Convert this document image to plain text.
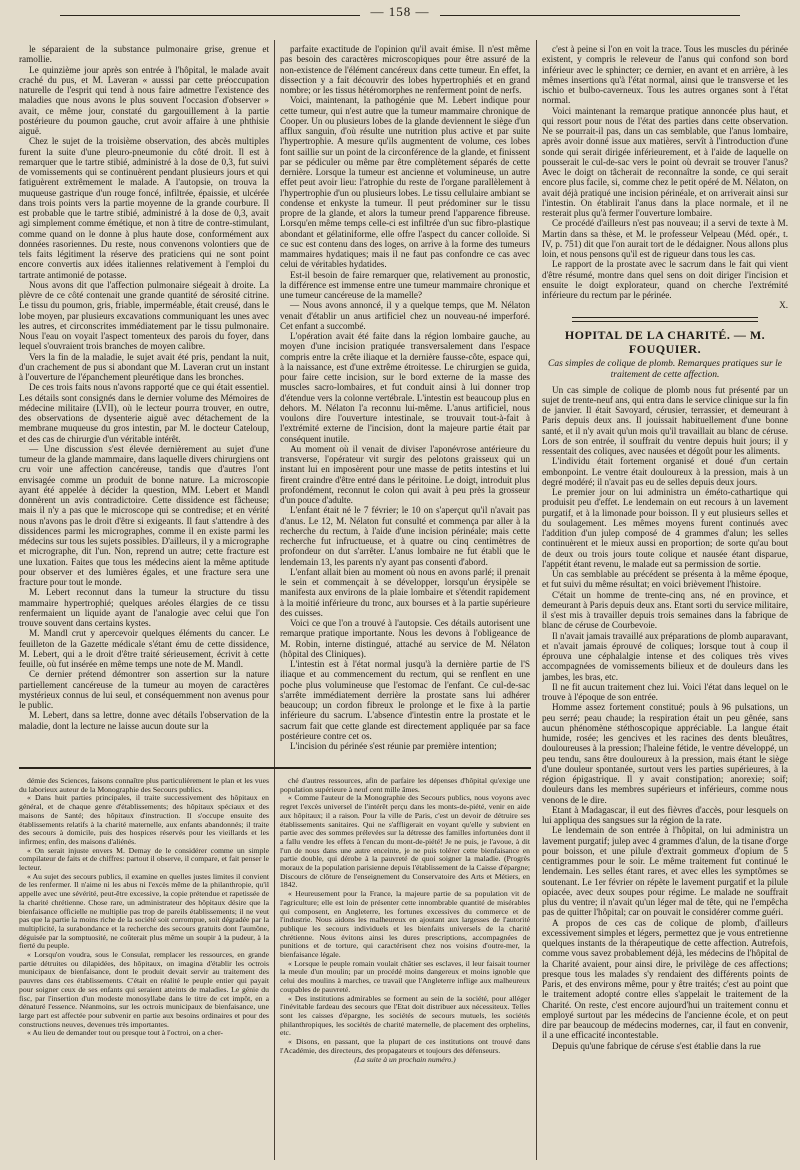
— 158 —

le séparaient de la substance pulmonaire grise, grenue et ramollie.

Le quinzième jour après son entrée à l'hôpital, le malade avait craché du pus, et M. Laveran « ausssi par cette préoccupation naturelle de l'esprit qui tend à nous faire admettre l'existence des maladies que nous avons le plus souvent l'occasion d'observer » avait, ce même jour, constaté du gargouillement à la partie postérieure du poumon gauche, crut avoir affaire à une phthisie aiguë.

Chez le sujet de la troisième observation, des abcès multiples furent la suite d'une pleuro-pneumonie du côté droit. Il est à remarquer que le tartre stibié, administré à la dose de 0,3, fut suivi de vomissements qui se continuèrent pendant plusieurs jours et qui fatiguèrent extrêmement le malade. A l'autopsie, on trouva la muqueuse gastrique d'un rouge foncé, infiltrée, épaissie, et ulcérée dans trois points vers la partie moyenne de la grande courbure. Il est probable que le tartre stibié, administré à la dose de 0,3, avait agi simplement comme émétique, et non à titre de contre-stimulant, comme quand on le donne à plus haute dose, conformément aux données rasoriennes. Du reste, nous convenons volontiers que de tels faits légitiment la réserve des praticiens qui ne sont point encore convertis aux idées italiennes relativement à l'emploi du tartrate antimonié de potasse.

Nous avons dit que l'affection pulmonaire siégeait à droite. La plèvre de ce côté contenait une grande quantité de sérosité citrine. Le tissu du poumon, gris, friable, imperméable, était creusé, dans le lobe moyen, par plusieurs excavations communiquant les unes avec les autres, et circonscrites immédiatement par le tissu pulmonaire. Nous l'eau on voyait l'aspect tomenteux des parois du foyer, dans lequel s'ouvraient trois branches de moyen calibre.

Vers la fin de la maladie, le sujet avait été pris, pendant la nuit, d'un crachement de pus si abondant que M. Laveran crut un instant à l'ouverture de l'épanchement pleurétique dans les bronches.

De ces trois faits nous n'avons rapporté que ce qui était essentiel. Les détails sont consignés dans le dernier volume des Mémoires de médecine militaire (LVII), où le lecteur pourra trouver, en outre, des observations de dysenterie aiguë avec détachement de la membrane muqueuse du gros intestin, par M. le docteur Cateloup, et des cas de chirurgie d'un véritable intérêt.

— Une discussion s'est élevée dernièrement au sujet d'une tumeur de la glande mammaire, dans laquelle divers chirurgiens ont cru voir une affection cancéreuse, tandis que d'autres l'ont envisagée comme un produit de bonne nature. La microscopie ayant été appelée à décider la question, MM. Lebert et Mandl donnèrent un avis contradictoire. Cette dissidence est fâcheuse; mais il n'y a pas que le microscope qui se contredise; et en vérité nous n'avons pas le droit d'être si exigeants. Il faut s'attendre à des dissidences parmi les micrographes, comme il en existe parmi les médecins sur tous les sujets possibles. D'ailleurs, il y a micrographe et micrographe, dit l'un. Non, reprend un autre; cette fracture est une luxation. Faites que tous les médecins aient la même aptitude pour observer et des lumières égales, et une fracture sera une fracture pour tout le monde.

M. Lebert reconnut dans la tumeur la structure du tissu mammaire hypertrophié; quelques aréoles élargies de ce tissu renfermaient un liquide ayant de l'analogie avec celui que l'on trouve souvent dans certains kystes.

M. Mandl crut y apercevoir quelques éléments du cancer. Le feuilleton de la Gazette médicale s'étant ému de cette dissidence, M. Lebert, qui a le droit d'être traité sérieusement, écrivit à cette feuille, où fut insérée en même temps une note de M. Mandl.

Ce dernier prétend démontrer son assertion sur la nature partiellement cancéreuse de la tumeur au moyen de caractères mystérieux connus de lui seul, et conséquemment non avenus pour le public.

M. Lebert, dans sa lettre, donne avec détails l'observation de la maladie, dont la lecture ne laisse aucun doute sur la

parfaite exactitude de l'opinion qu'il avait émise. Il n'est même pas besoin des caractères microscopiques pour être assuré de la non-existence de l'élément cancéreux dans cette tumeur. En effet, la dissection y a fait découvrir des lobes hypertrophiés et en grand nombre; or les tissus hétéromorphes ne renferment point de nerfs.

Voici, maintenant, la pathogénie que M. Lebert indique pour cette tumeur, qui n'est autre que la tumeur mammaire chronique de Cooper. Un ou plusieurs lobes de la glande deviennent le siège d'un afflux sanguin, d'où résulte une nutrition plus active et par suite l'hypertrophie. A mesure qu'ils augmentent de volume, ces lobes font saillie sur un point de la circonférence de la glande, et finissent par se pédiculer ou même par être complètement séparés de cette dernière. Lorsque la tumeur est ancienne et volumineuse, un autre effet peut avoir lieu: l'atrophie du reste de l'organe parallèlement à l'hypertrophie d'un ou plusieurs lobes. Le tissu cellulaire ambiant se condense et enkyste la tumeur. Il peut prédominer sur le tissu propre de la glande, et alors la tumeur prend l'apparence fibreuse. Lorsqu'en même temps celle-ci est infiltrée d'un suc fibro-plastique abondant et gélatiniforme, elle offre l'aspect du cancer colloïde. Si ce suc est contenu dans des loges, on arrive à la forme des tumeurs mammaires hydatiques; mais il ne faut pas confondre ce cas avec celui de véritables hydatides.

Est-il besoin de faire remarquer que, relativement au pronostic, la différence est immense entre une tumeur mammaire chronique et une tumeur cancéreuse de la mamelle?

— Nous avons annoncé, il y a quelque temps, que M. Nélaton venait d'établir un anus artificiel chez un nouveau-né imperforé. Cet enfant a succombé.

L'opération avait été faite dans la région lombaire gauche, au moyen d'une incision pratiquée transversalement dans l'espace compris entre la crête iliaque et la dernière fausse-côte, espace qui, à la naissance, est d'une extrême étroitesse. Le chirurgien se guida, pour faire cette incision, sur le bord externe de la masse des muscles sacro-lombaires, et fut conduit ainsi à lui donner trop d'étendue vers la colonne vertébrale. L'intestin est beaucoup plus en dehors. M. Nélaton l'a reconnu lui-même. L'anus artificiel, nous voulons dire l'ouverture intestinale, se trouvait tout-à-fait à l'extrémité externe de l'incision, dont la majeure partie était par conséquent inutile.

Au moment où il venait de diviser l'aponévrose antérieure du transverse, l'opérateur vit surgir des pelotons graisseux qui un instant lui en imposèrent pour une masse de petits intestins et lui firent craindre d'être entré dans le péritoine. Le doigt, introduit plus profondément, reconnut le colon qui avait à peu près la grosseur d'un pouce d'adulte.

L'enfant était né le 7 février; le 10 on s'aperçut qu'il n'avait pas d'anus. Le 12, M. Nélaton fut consulté et commença par aller à la recherche du rectum, à l'aide d'une incision périnéale; mais cette recherche fut infructueuse, et à quatre ou cinq centimètres de profondeur on dut s'arrêter. L'anus lombaire ne fut établi que le lendemain 13, les parents n'y ayant pas consenti d'abord.

L'enfant allait bien au moment où nous en avons parlé; il prenait le sein et commençait à se développer, lorsqu'un érysipèle se manifesta aux environs de la plaie lombaire et s'étendit rapidement à la moitié inférieure du tronc, aux bourses et à la partie supérieure des cuisses.

Voici ce que l'on a trouvé à l'autopsie. Ces détails autorisent une remarque pratique importante. Nous les devons à l'obligeance de M. Robin, interne distingué, attaché au service de M. Nélaton (hôpital des Cliniques).

L'intestin est à l'état normal jusqu'à la dernière partie de l'S iliaque et au commencement du rectum, qui se renflent en une poche plus volumineuse que l'estomac de l'enfant. Ce cul-de-sac s'arrête immédiatement derrière la prostate sans lui adhérer beaucoup; un cordon fibreux le prolonge et le fixe à la partie inférieure du sacrum. L'absence d'intestin entre la prostate et le sacrum fait que cette glande est directement appliquée par sa face postérieure contre cet os.

L'incision du périnée s'est réunie par première intention;

c'est à peine si l'on en voit la trace. Tous les muscles du périnée existent, y compris le releveur de l'anus qui confond son bord inférieur avec le sphincter; ce dernier, en avant et en arrière, à les mêmes insertions qu'à l'état normal, ainsi que le transverse et les ischio et bulbo-caverneux. Tous les autres organes sont à l'état normal.

Voici maintenant la remarque pratique annoncée plus haut, et qui ressort pour nous de l'état des parties dans cette observation. Ne se pourrait-il pas, dans un cas semblable, que l'anus lombaire, après avoir donné issue aux matières, servît à l'introduction d'une sonde qui serait dirigée inférieurement, et à l'aide de laquelle on pousserait le cul-de-sac vers le point où devrait se trouver l'anus? Avec le doigt on tâcherait de reconnaître la sonde, ce qui serait encore plus facile, si, comme chez le petit opéré de M. Nélaton, on avait déjà pratiqué une incision périnéale, et on arriverait ainsi sur l'intestin. On établirait l'anus dans la place normale, et il ne resterait plus qu'à fermer l'ouverture lombaire.

Ce procédé d'ailleurs n'est pas nouveau; il a servi de texte à M. Martin dans sa thèse, et M. le professeur Velpeau (Méd. opér., t. IV, p. 751) dit que l'on aurait tort de le dédaigner. Nous allons plus loin, et nous pensons qu'il est de rigueur dans tous les cas.

Le rapport de la prostate avec le sacrum dans le fait qui vient d'être résumé, montre dans quel sens on doit diriger l'incision et ensuite le doigt explorateur, quand on cherche l'extrémité inférieure du rectum par le périnée.

X.

HOPITAL DE LA CHARITÉ. — M. FOUQUIER.
Cas simples de colique de plomb. Remarques pratiques sur le traitement de cette affection.

Un cas simple de colique de plomb nous fut présenté par un sujet de trente-neuf ans, qui entra dans le service clinique sur la fin de janvier. Il était Savoyard, cérusier, terrassier, et demeurant à Paris depuis deux ans. Il jouissait habituellement d'une bonne santé, et il n'y avait qu'un mois qu'il travaillait au blanc de céruse. Lors de son entrée, il souffrait du ventre depuis huit jours; il y ressentait des coliques, avec nausées et dégoût pour les aliments.

L'individu était fortement organisé et doué d'un certain embonpoint. Le ventre était douloureux à la pression, mais à un degré modéré; il n'avait pas eu de selles depuis deux jours.

Le premier jour on lui administra un émétо-cathartique qui produisit peu d'effet. Le lendemain on eut recours à un lavement purgatif, et à la limonade pour boisson. Il y eut plusieurs selles et du soulagement. Les mêmes moyens furent continués avec l'addition d'un julep composé de 4 grammes d'alun; les selles continuèrent et le mieux aussi en proportion; de sorte qu'au bout de deux ou trois jours toute colique et nausée étant disparue, l'appétit étant revenu, le malade eut sa permission de sortie.

Un cas semblable au précédent se présenta à la même époque, et fut suivi du même résultat; en voici brièvement l'histoire.

C'était un homme de trente-cinq ans, né en province, et demeurant à Paris depuis deux ans. Etant sorti du service militaire, il s'est mis à travailler depuis trois semaines dans la fabrique de blanc de céruse de Courbevoie.

Il n'avait jamais travaillé aux préparations de plomb auparavant, et n'avait jamais éprouvé de coliques; lorsque tout à coup il éprouva une céphalalgie intense et des coliques très vives accompagnées de vomissements bilieux et de douleurs dans les jambes, les bras, etc.

Il ne fit aucun traitement chez lui. Voici l'état dans lequel on le trouve à l'époque de son entrée.

Homme assez fortement constitué; pouls à 96 pulsations, un peu serré; peau chaude; la respiration était un peu gênée, sans aucun phénomène stéthoscopique appréciable. La langue était humide, rosée; les gencives et les racines des dents bleuâtres, douloureuses à la pression; l'haleine fétide, le ventre développé, un peu tendu, sans être douloureux à la pression, mais étant le siège d'une douleur spontanée, surtout vers les parties supérieures, à la région épigastrique. Il y avait constipation; anorexie; soif; douleurs dans les membres supérieurs et inférieurs, comme nous venons de le dire.

Etant à Madagascar, il eut des fièvres d'accès, pour lesquels on lui appliqua des sangsues sur la région de la rate.

Le lendemain de son entrée à l'hôpital, on lui administra un lavement purgatif; julep avec 4 grammes d'alun, de la tisane d'orge pour boisson, et une pilule d'extrait gommeux d'opium de 5 centigrammes pour le soir. Le même traitement fut continué le lendemain. Les selles étant rares, et avec elles les symptômes se soutenant. Le 1er février on répète le lavement purgatif et la pilule opiacée, avec deux soupes pour régime. Le malade ne souffrait plus du ventre; il n'avait qu'un léger mal de tête, qui ne l'empêcha pas de quitter l'hôpital; car on pouvait le considérer comme guéri.

A propos de ces cas de colique de plomb, d'ailleurs excessivement simples et légers, permettez que je vous entretienne quelques instants de la thérapeutique de cette affection. Autrefois, comme vous savez probablement déjà, les médecins de l'hôpital de la Charité avaient, pour ainsi dire, le privilège de ces affections; presque tous les malades s'y rendaient des différents points de Paris, et des environs même, pour y être traités; c'est au point que le traitement adopté contre elles s'appelait le traitement de la Charité. On reste, c'est encore aujourd'hui un traitement connu et employé surtout par les médecins de l'ancienne école, et on peut dire par beaucoup de médecins modernes, car, il faut en convenir, il a une efficacité incontestable.

Depuis qu'une fabrique de céruse s'est établie dans la rue

démie des Sciences, faisons connaître plus particulièrement le plan et les vues du laborieux auteur de la Monographie des Secours publics.

« Dans huit parties principales, il traite successivement des hôpitaux en général, et de chaque genre d'établissements; des hôpitaux spéciaux et des maisons de Santé; des hôpitaux d'instruction. Il s'occupe ensuite des établissements relatifs à la charité maternelle, aux enfants abandonnés; il traite des secours à domicile, puis des hospices réservés pour les vieillards et les infirmes; enfin, des maisons d'aliénés.

« On serait injuste envers M. Demay de le considérer comme un simple compilateur de faits et de chiffres: partout il observe, il compare, et fait penser le lecteur.

« Au sujet des secours publics, il examine en quelles justes limites il convient de les renfermer. Il n'aime ni les abus ni l'excès même de la philanthropie, qu'il appelle avec une sévérité, peut-être excessive, la copie prétendue et rapetissée de la charité chrétienne. Chose rare, un administrateur des hôpitaux désire que la bienfaisance officielle ne multiplie pas trop de pareils établissements; il ne veut pas que la partie la moins riche de la société soit corrompue, soit dégradée par la multiplicité, la surabondance et la recherche des secours gratuits dont l'aumône, déguisée par la somptuosité, ne coûterait plus même un soupir à la pudeur, à la fierté du peuple.

« Lorsqu'on voudra, sous le Consulat, remplacer les ressources, en grande partie détruites ou dilapidées, des hôpitaux, on imagina d'établir les octrois municipaux de bienfaisance, dont le produit devait servir au traitement des pauvres dans ces établissements. C'était en réalité le peuple entier qui payait pour soigner ceux de ses enfants qui seraient atteints de maladies. Le génie du fisc, par l'insertion d'un modeste monosyllabe dans le titre de cet impôt, en a dénaturé l'essence. Néanmoins, sur les octrois municipaux de bienfaisance, une large part est affectée pour subvenir en partie aux besoins ordinaires et pour des constructions neuves, devenues très importantes.

« Au lieu de demander tout ou presque tout à l'octroi, on a cher-

ché d'autres ressources, afin de parfaire les dépenses d'hôpital qu'exige une population supérieure à neuf cent mille âmes.

« Comme l'auteur de la Monographie des Secours publics, nous voyons avec regret l'excès universel de l'intérêt perçu dans les monts-de-piété, venir en aide aux hôpitaux; il a raison. Pour la ville de Paris, c'est un devoir de détruire ses établissements sanitaires. Qui ne s'affligerait en voyant qu'elle y subvient en partie avec des sommes prélevées sur la détresse des familles infortunées dont il a fallu vendre les effets à l'encan du mont-de-piété! Je ne puis, je l'avoue, à dit l'un de nous dans une autre enceinte, je ne puis tolérer cette bienfaisance en partie double, qui dérobe à la pauvreté de quoi soigner la maladie. (Progrès moraux de la population parisienne depuis l'établissement de la Caisse d'épargne; Discours de clôture de l'enseignement du Conservatoire des Arts et Métiers, en 1842.

« Heureusement pour la France, la majeure partie de sa population vit de l'agriculture; elle est loin de présenter cette innombrable quantité de misérables qui composent, en Angleterre, les fortunes excessives du commerce et de l'industrie. Nous aidons les malheureux en ajoutant aux largesses de l'autorité publique les secours individuels et les bienfaits universels de la charité chrétienne. Nous évitons ainsi les dures prescriptions, accompagnées de punitions et de torture, qui caractérisent chez nos voisins d'outre-mer, la bienfaisance légale.

« Lorsque le peuple romain voulait châtier ses esclaves, il leur faisait tourner la meule d'un moulin; par un procédé moins dangereux et moins ignoble que celui des moulins à marches, ce travail que l'Angleterre inflige aux malheureux coupables de pauvreté.

« Des institutions admirables se forment au sein de la société, pour alléger l'inévitable fardeau des secours que l'Etat doit distribuer aux nécessiteux. Telles sont les caisses d'épargne, les sociétés de secours mutuels, les sociétés philanthropiques, les sociétés de charité maternelle, de placement des orphelins, etc.

« Disons, en passant, que la plupart de ces institutions ont trouvé dans l'Académie, des directeurs, des propagateurs et toujours des défenseurs.

(La suite à un prochain numéro.)
